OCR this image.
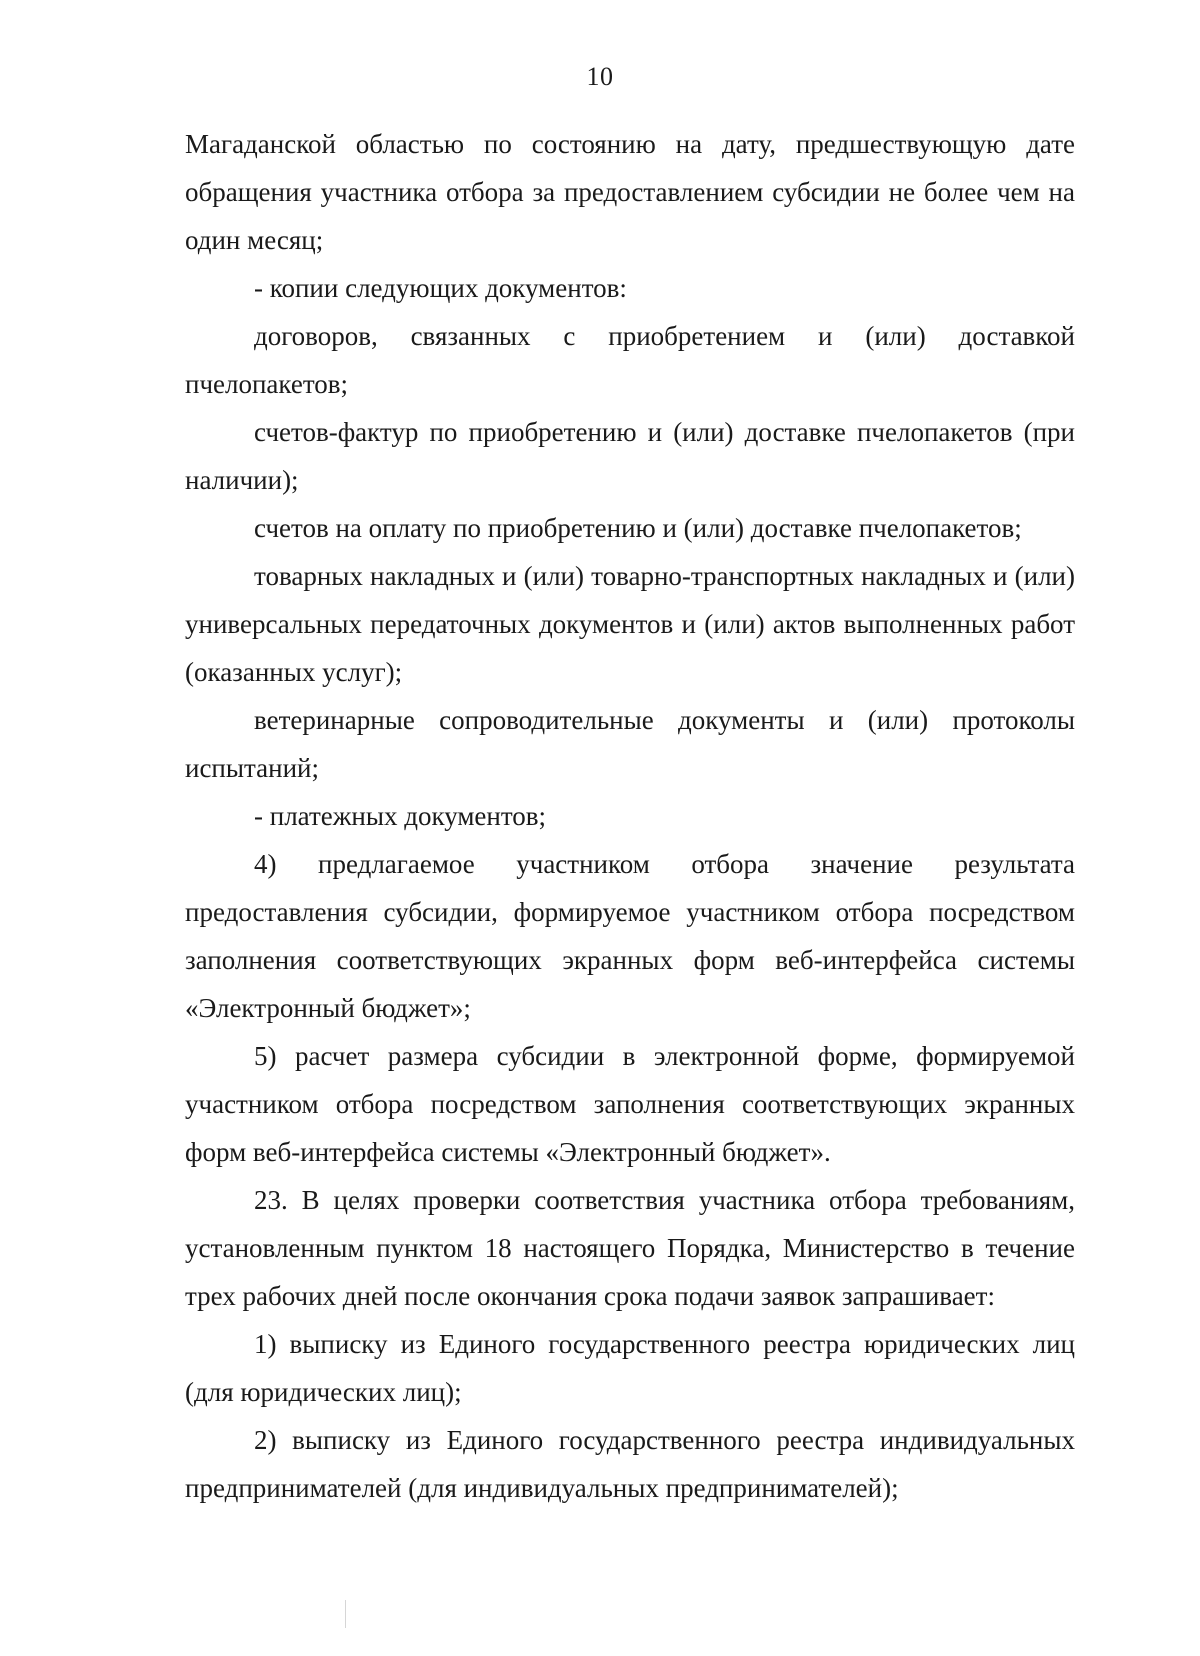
10

Магаданской областью по состоянию на дату, предшествующую дате обращения участника отбора за предоставлением субсидии не более чем на один месяц;

- копии следующих документов:

договоров, связанных с приобретением и (или) доставкой пчелопакетов;

счетов-фактур по приобретению и (или) доставке пчелопакетов (при наличии);

счетов на оплату по приобретению и (или) доставке пчелопакетов;

товарных накладных и (или) товарно-транспортных накладных и (или) универсальных передаточных документов и (или) актов выполненных работ (оказанных услуг);

ветеринарные сопроводительные документы и (или) протоколы испытаний;

- платежных документов;

4) предлагаемое участником отбора значение результата предоставления субсидии, формируемое участником отбора посредством заполнения соответствующих экранных форм веб-интерфейса системы «Электронный бюджет»;

5) расчет размера субсидии в электронной форме, формируемой участником отбора посредством заполнения соответствующих экранных форм веб-интерфейса системы «Электронный бюджет».

23. В целях проверки соответствия участника отбора требованиям, установленным пунктом 18 настоящего Порядка, Министерство в течение трех рабочих дней после окончания срока подачи заявок запрашивает:

1) выписку из Единого государственного реестра юридических лиц (для юридических лиц);

2) выписку из Единого государственного реестра индивидуальных предпринимателей (для индивидуальных предпринимателей);
